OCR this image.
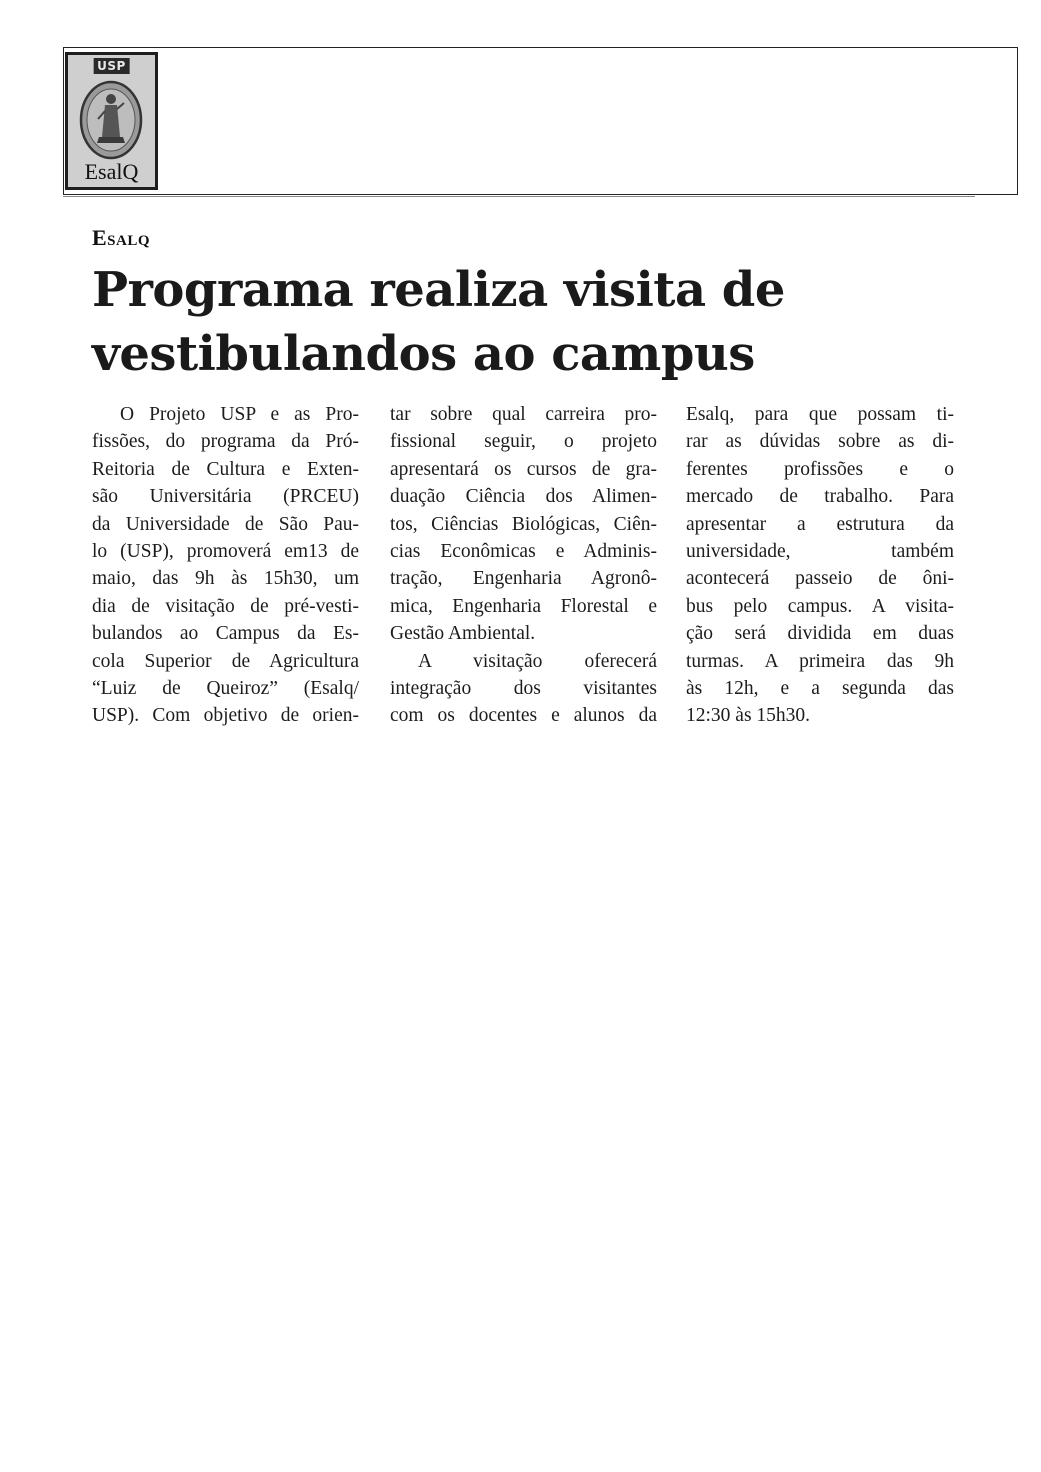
USP
EsalQ
Esalq
Programa realiza visita de
vestibulandos ao campus
O Projeto USP e as Pro-
fissões, do programa da Pró-
Reitoria de Cultura e Exten-
são Universitária (PRCEU)
da Universidade de São Pau-
lo (USP), promoverá em13 de
maio, das 9h às 15h30, um
dia de visitação de pré-vesti-
bulandos ao Campus da Es-
cola Superior de Agricultura
“Luiz de Queiroz” (Esalq/
USP). Com objetivo de orien-
tar sobre qual carreira pro-
fissional seguir, o projeto
apresentará os cursos de gra-
duação Ciência dos Alimen-
tos, Ciências Biológicas, Ciên-
cias Econômicas e Adminis-
tração, Engenharia Agronô-
mica, Engenharia Florestal e
Gestão Ambiental.
A visitação oferecerá
integração dos visitantes
com os docentes e alunos da
Esalq, para que possam ti-
rar as dúvidas sobre as di-
ferentes profissões e o
mercado de trabalho. Para
apresentar a estrutura da
universidade, também
acontecerá passeio de ôni-
bus pelo campus. A visita-
ção será dividida em duas
turmas. A primeira das 9h
às 12h, e a segunda das
12:30 às 15h30.
